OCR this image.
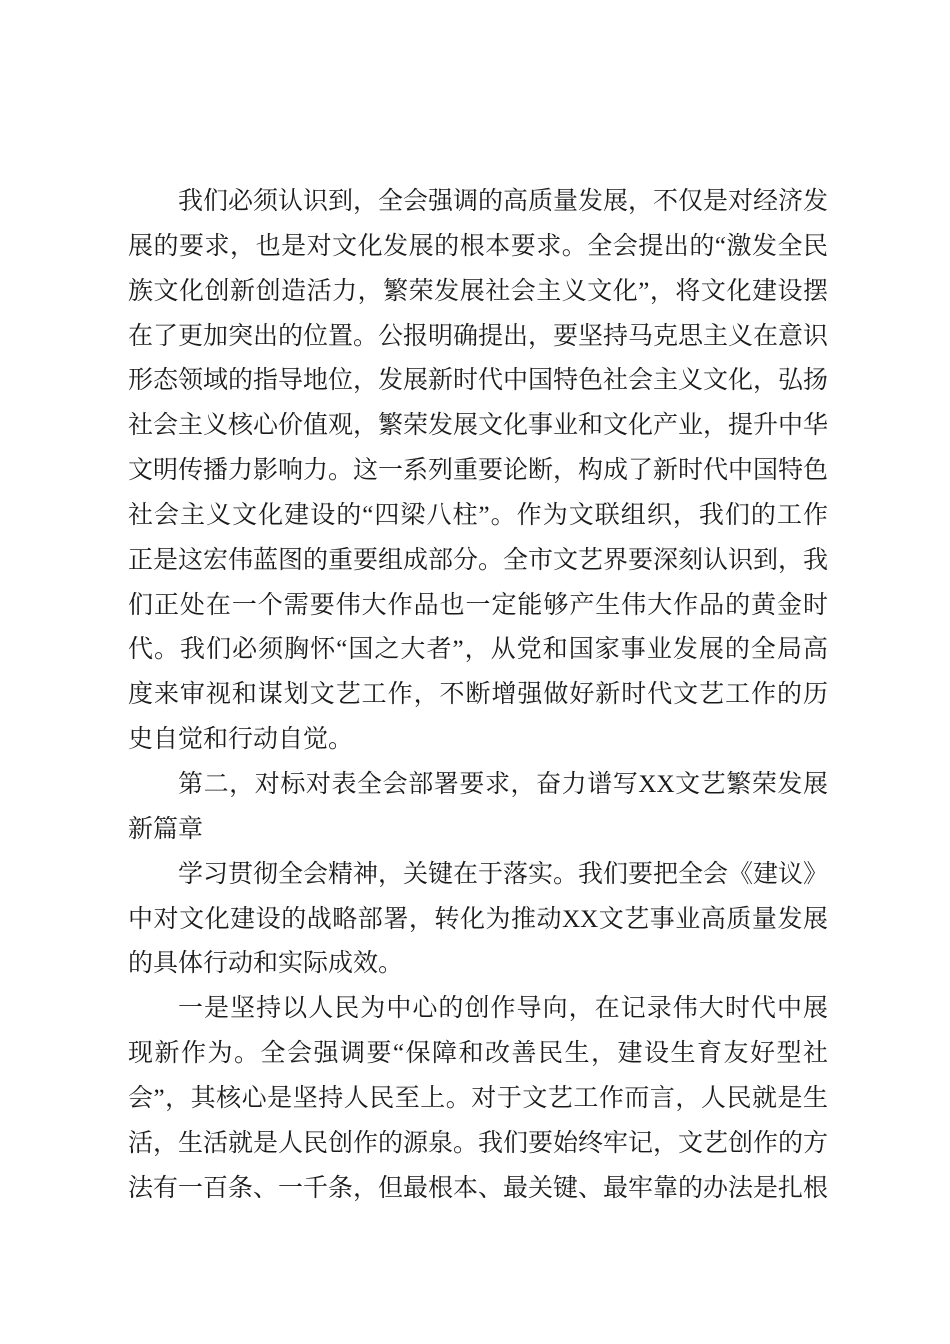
我们必须认识到，全会强调的高质量发展，不仅是对经济发
展的要求，也是对文化发展的根本要求。全会提出的“激发全民
族文化创新创造活力，繁荣发展社会主义文化”，将文化建设摆
在了更加突出的位置。公报明确提出，要坚持马克思主义在意识
形态领域的指导地位，发展新时代中国特色社会主义文化，弘扬
社会主义核心价值观，繁荣发展文化事业和文化产业，提升中华
文明传播力影响力。这一系列重要论断，构成了新时代中国特色
社会主义文化建设的“四梁八柱”。作为文联组织，我们的工作
正是这宏伟蓝图的重要组成部分。全市文艺界要深刻认识到，我
们正处在一个需要伟大作品也一定能够产生伟大作品的黄金时
代。我们必须胸怀“国之大者”，从党和国家事业发展的全局高
度来审视和谋划文艺工作，不断增强做好新时代文艺工作的历
史自觉和行动自觉。
第二，对标对表全会部署要求，奋力谱写XX文艺繁荣发展
新篇章
学习贯彻全会精神，关键在于落实。我们要把全会《建议》
中对文化建设的战略部署，转化为推动XX文艺事业高质量发展
的具体行动和实际成效。
一是坚持以人民为中心的创作导向，在记录伟大时代中展
现新作为。全会强调要“保障和改善民生，建设生育友好型社
会”，其核心是坚持人民至上。对于文艺工作而言，人民就是生
活，生活就是人民创作的源泉。我们要始终牢记，文艺创作的方
法有一百条、一千条，但最根本、最关键、最牢靠的办法是扎根
